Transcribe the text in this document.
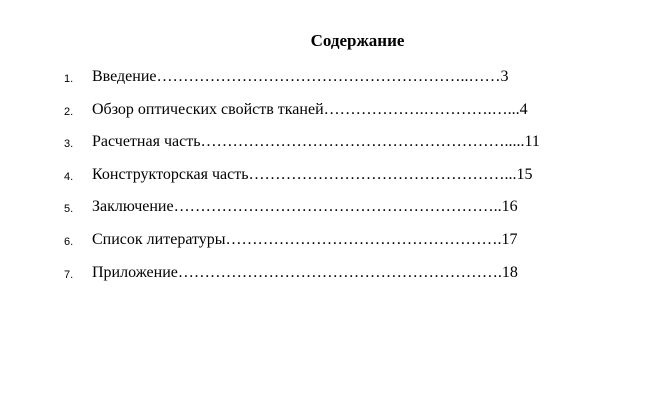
Содержание
1. Введение…………………………………………………..……3
2. Обзор оптических свойств тканей……………….………….…...4
3. Расчетная часть………………………………………………….....11
4. Конструкторская часть…………………………………………...15
5. Заключение……………………………………………………..16
6. Список литературы…………………………………………….17
7. Приложение…………………………………………………….18
